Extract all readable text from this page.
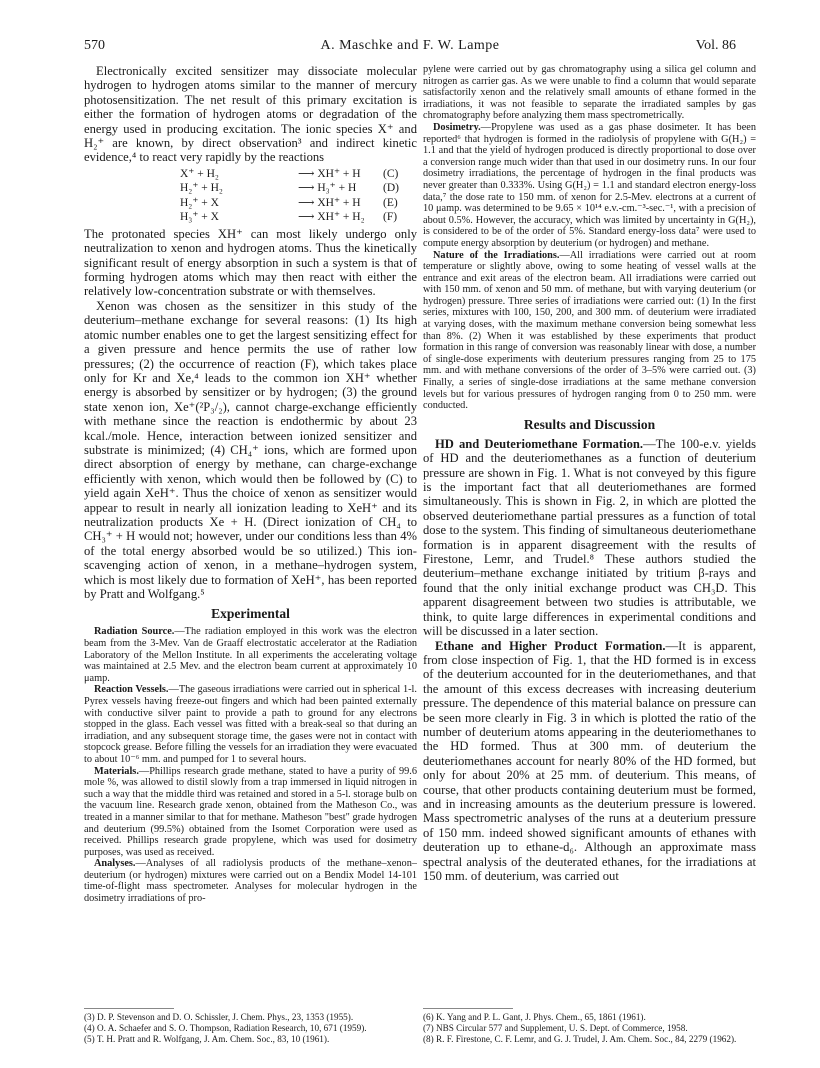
570	A. Maschke and F. W. Lampe	Vol. 86

Electronically excited sensitizer may dissociate molecular hydrogen to hydrogen atoms similar to the manner of mercury photosensitization. The net result of this primary excitation is either the formation of hydrogen atoms or degradation of the energy used in producing excitation. The ionic species X⁺ and H₂⁺ are known, by direct observation³ and indirect kinetic evidence,⁴ to react very rapidly by the reactions

X⁺ + H₂	⟶ XH⁺ + H (C)
H₂⁺ + H₂	⟶ H₃⁺ + H (D)
H₂⁺ + X	⟶ XH⁺ + H (E)
H₃⁺ + X	⟶ XH⁺ + H₂ (F)

The protonated species XH⁺ can most likely undergo only neutralization to xenon and hydrogen atoms. Thus the kinetically significant result of energy absorption in such a system is that of forming hydrogen atoms which may then react with either the relatively low-concentration substrate or with themselves.

Xenon was chosen as the sensitizer in this study of the deuterium–methane exchange for several reasons: (1) Its high atomic number enables one to get the largest sensitizing effect for a given pressure and hence permits the use of rather low pressures; (2) the occurrence of reaction (F), which takes place only for Kr and Xe,⁴ leads to the common ion XH⁺ whether energy is absorbed by sensitizer or by hydrogen; (3) the ground state xenon ion, Xe⁺(²P₃/₂), cannot charge-exchange efficiently with methane since the reaction is endothermic by about 23 kcal./mole. Hence, interaction between ionized sensitizer and substrate is minimized; (4) CH₄⁺ ions, which are formed upon direct absorption of energy by methane, can charge-exchange efficiently with xenon, which would then be followed by (C) to yield again XeH⁺. Thus the choice of xenon as sensitizer would appear to result in nearly all ionization leading to XeH⁺ and its neutralization products Xe + H. (Direct ionization of CH₄ to CH₃⁺ + H would not; however, under our conditions less than 4% of the total energy absorbed would be so utilized.) This ion-scavenging action of xenon, in a methane–hydrogen system, which is most likely due to formation of XeH⁺, has been reported by Pratt and Wolfgang.⁵

Experimental

Radiation Source.—The radiation employed in this work was the electron beam from the 3-Mev. Van de Graaff electrostatic accelerator at the Radiation Laboratory of the Mellon Institute. In all experiments the accelerating voltage was maintained at 2.5 Mev. and the electron beam current at approximately 10 μamp.

Reaction Vessels.—The gaseous irradiations were carried out in spherical 1-l. Pyrex vessels having freeze-out fingers and which had been painted externally with conductive silver paint to provide a path to ground for any electrons stopped in the glass. Each vessel was fitted with a break-seal so that during an irradiation, and any subsequent storage time, the gases were not in contact with stopcock grease. Before filling the vessels for an irradiation they were evacuated to about 10⁻⁶ mm. and pumped for 1 to several hours.

Materials.—Phillips research grade methane, stated to have a purity of 99.6 mole %, was allowed to distil slowly from a trap immersed in liquid nitrogen in such a way that the middle third was retained and stored in a 5-l. storage bulb on the vacuum line. Research grade xenon, obtained from the Matheson Co., was treated in a manner similar to that for methane. Matheson "best" grade hydrogen and deuterium (99.5%) obtained from the Isomet Corporation were used as received. Phillips research grade propylene, which was used for dosimetry purposes, was used as received.

Analyses.—Analyses of all radiolysis products of the methane–xenon–deuterium (or hydrogen) mixtures were carried out on a Bendix Model 14-101 time-of-flight mass spectrometer. Analyses for molecular hydrogen in the dosimetry irradiations of pro-

pylene were carried out by gas chromatography using a silica gel column and nitrogen as carrier gas. As we were unable to find a column that would separate satisfactorily xenon and the relatively small amounts of ethane formed in the irradiations, it was not feasible to separate the irradiated samples by gas chromatography before analyzing them mass spectrometrically.

Dosimetry.—Propylene was used as a gas phase dosimeter. It has been reported⁶ that hydrogen is formed in the radiolysis of propylene with G(H₂) = 1.1 and that the yield of hydrogen produced is directly proportional to dose over a conversion range much wider than that used in our dosimetry runs. In our four dosimetry irradiations, the percentage of hydrogen in the final products was never greater than 0.333%. Using G(H₂) = 1.1 and standard electron energy-loss data,⁷ the dose rate to 150 mm. of xenon for 2.5-Mev. electrons at a current of 10 μamp. was determined to be 9.65 × 10¹⁴ e.v.-cm.⁻³-sec.⁻¹, with a precision of about 0.5%. However, the accuracy, which was limited by uncertainty in G(H₂), is considered to be of the order of 5%. Standard energy-loss data⁷ were used to compute energy absorption by deuterium (or hydrogen) and methane.

Nature of the Irradiations.—All irradiations were carried out at room temperature or slightly above, owing to some heating of vessel walls at the entrance and exit areas of the electron beam. All irradiations were carried out with 150 mm. of xenon and 50 mm. of methane, but with varying deuterium (or hydrogen) pressure. Three series of irradiations were carried out: (1) In the first series, mixtures with 100, 150, 200, and 300 mm. of deuterium were irradiated at varying doses, with the maximum methane conversion being somewhat less than 8%. (2) When it was established by these experiments that product formation in this range of conversion was reasonably linear with dose, a number of single-dose experiments with deuterium pressures ranging from 25 to 175 mm. and with methane conversions of the order of 3–5% were carried out. (3) Finally, a series of single-dose irradiations at the same methane conversion levels but for various pressures of hydrogen ranging from 0 to 250 mm. were conducted.

Results and Discussion

HD and Deuteriomethane Formation.—The 100-e.v. yields of HD and the deuteriomethanes as a function of deuterium pressure are shown in Fig. 1. What is not conveyed by this figure is the important fact that all deuteriomethanes are formed simultaneously. This is shown in Fig. 2, in which are plotted the observed deuteriomethane partial pressures as a function of total dose to the system. This finding of simultaneous deuteriomethane formation is in apparent disagreement with the results of Firestone, Lemr, and Trudel.⁸ These authors studied the deuterium–methane exchange initiated by tritium β-rays and found that the only initial exchange product was CH₃D. This apparent disagreement between two studies is attributable, we think, to quite large differences in experimental conditions and will be discussed in a later section.

Ethane and Higher Product Formation.—It is apparent, from close inspection of Fig. 1, that the HD formed is in excess of the deuterium accounted for in the deuteriomethanes, and that the amount of this excess decreases with increasing deuterium pressure. The dependence of this material balance on pressure can be seen more clearly in Fig. 3 in which is plotted the ratio of the number of deuterium atoms appearing in the deuteriomethanes to the HD formed. Thus at 300 mm. of deuterium the deuteriomethanes account for nearly 80% of the HD formed, but only for about 20% at 25 mm. of deuterium. This means, of course, that other products containing deuterium must be formed, and in increasing amounts as the deuterium pressure is lowered. Mass spectrometric analyses of the runs at a deuterium pressure of 150 mm. indeed showed significant amounts of ethanes with deuteration up to ethane-d₆. Although an approximate mass spectral analysis of the deuterated ethanes, for the irradiations at 150 mm. of deuterium, was carried out

(3) D. P. Stevenson and D. O. Schissler, J. Chem. Phys., 23, 1353 (1955).
(4) O. A. Schaefer and S. O. Thompson, Radiation Research, 10, 671 (1959).
(5) T. H. Pratt and R. Wolfgang, J. Am. Chem. Soc., 83, 10 (1961).
(6) K. Yang and P. L. Gant, J. Phys. Chem., 65, 1861 (1961).
(7) NBS Circular 577 and Supplement, U. S. Dept. of Commerce, 1958.
(8) R. F. Firestone, C. F. Lemr, and G. J. Trudel, J. Am. Chem. Soc., 84, 2279 (1962).
